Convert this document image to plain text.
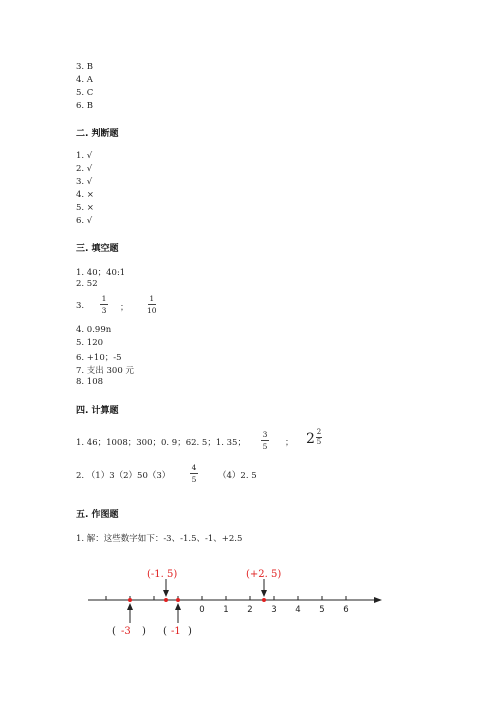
3. B
4. A
5. C
6. B
二. 判断题
1. √
2. √
3. √
4. ×
5. ×
6. √
三. 填空题
1. 40；40:1
2. 52
3.
1
3 ；
1
10
4. 0.99n
5. 120
6. +10；-5
7. 支出 300 元
8. 108
四. 计算题
1. 46；1008；300；0. 9；62. 5；1. 35；
3
5 ； 2 2
5
2. （1）3（2）50（3）
4
5	（4）2. 5
五. 作图题
1. 解：这些数字如下：-3、-1.5、-1、+2.5
0 1 2 3 4 5 6
(-1. 5)	(+2. 5)
( -3 ) ( -1 )
